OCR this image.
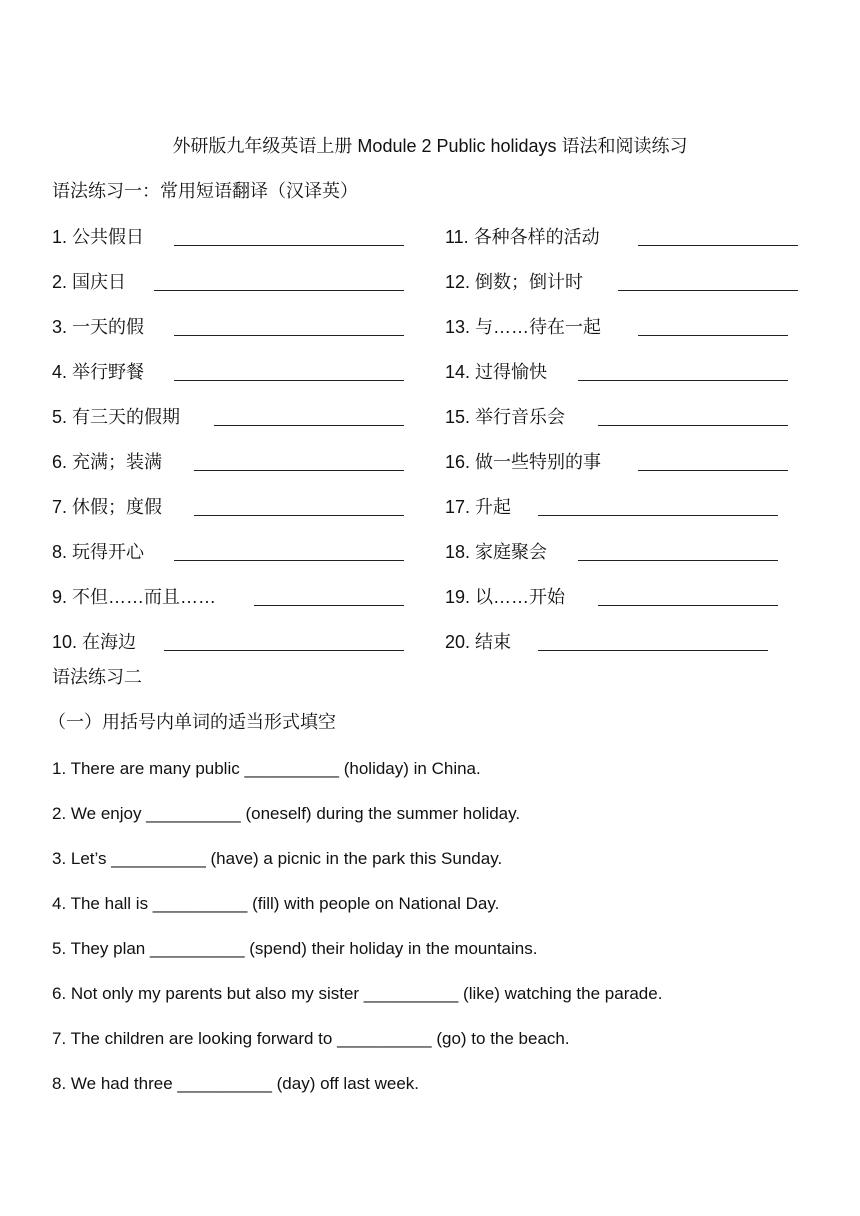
外研版九年级英语上册 Module 2 Public holidays 语法和阅读练习
语法练习一：常用短语翻译（汉译英）
1. 公共假日
2. 国庆日
3. 一天的假
4. 举行野餐
5. 有三天的假期
6. 充满；装满
7. 休假；度假
8. 玩得开心
9. 不但……而且……
10. 在海边
11. 各种各样的活动
12. 倒数；倒计时
13. 与……待在一起
14. 过得愉快
15. 举行音乐会
16. 做一些特别的事
17. 升起
18. 家庭聚会
19. 以……开始
20. 结束
语法练习二
（一）用括号内单词的适当形式填空
1. There are many public __________ (holiday) in China.
2. We enjoy __________ (oneself) during the summer holiday.
3. Let’s __________ (have) a picnic in the park this Sunday.
4. The hall is __________ (fill) with people on National Day.
5. They plan __________ (spend) their holiday in the mountains.
6. Not only my parents but also my sister __________ (like) watching the parade.
7. The children are looking forward to __________ (go) to the beach.
8. We had three __________ (day) off last week.
